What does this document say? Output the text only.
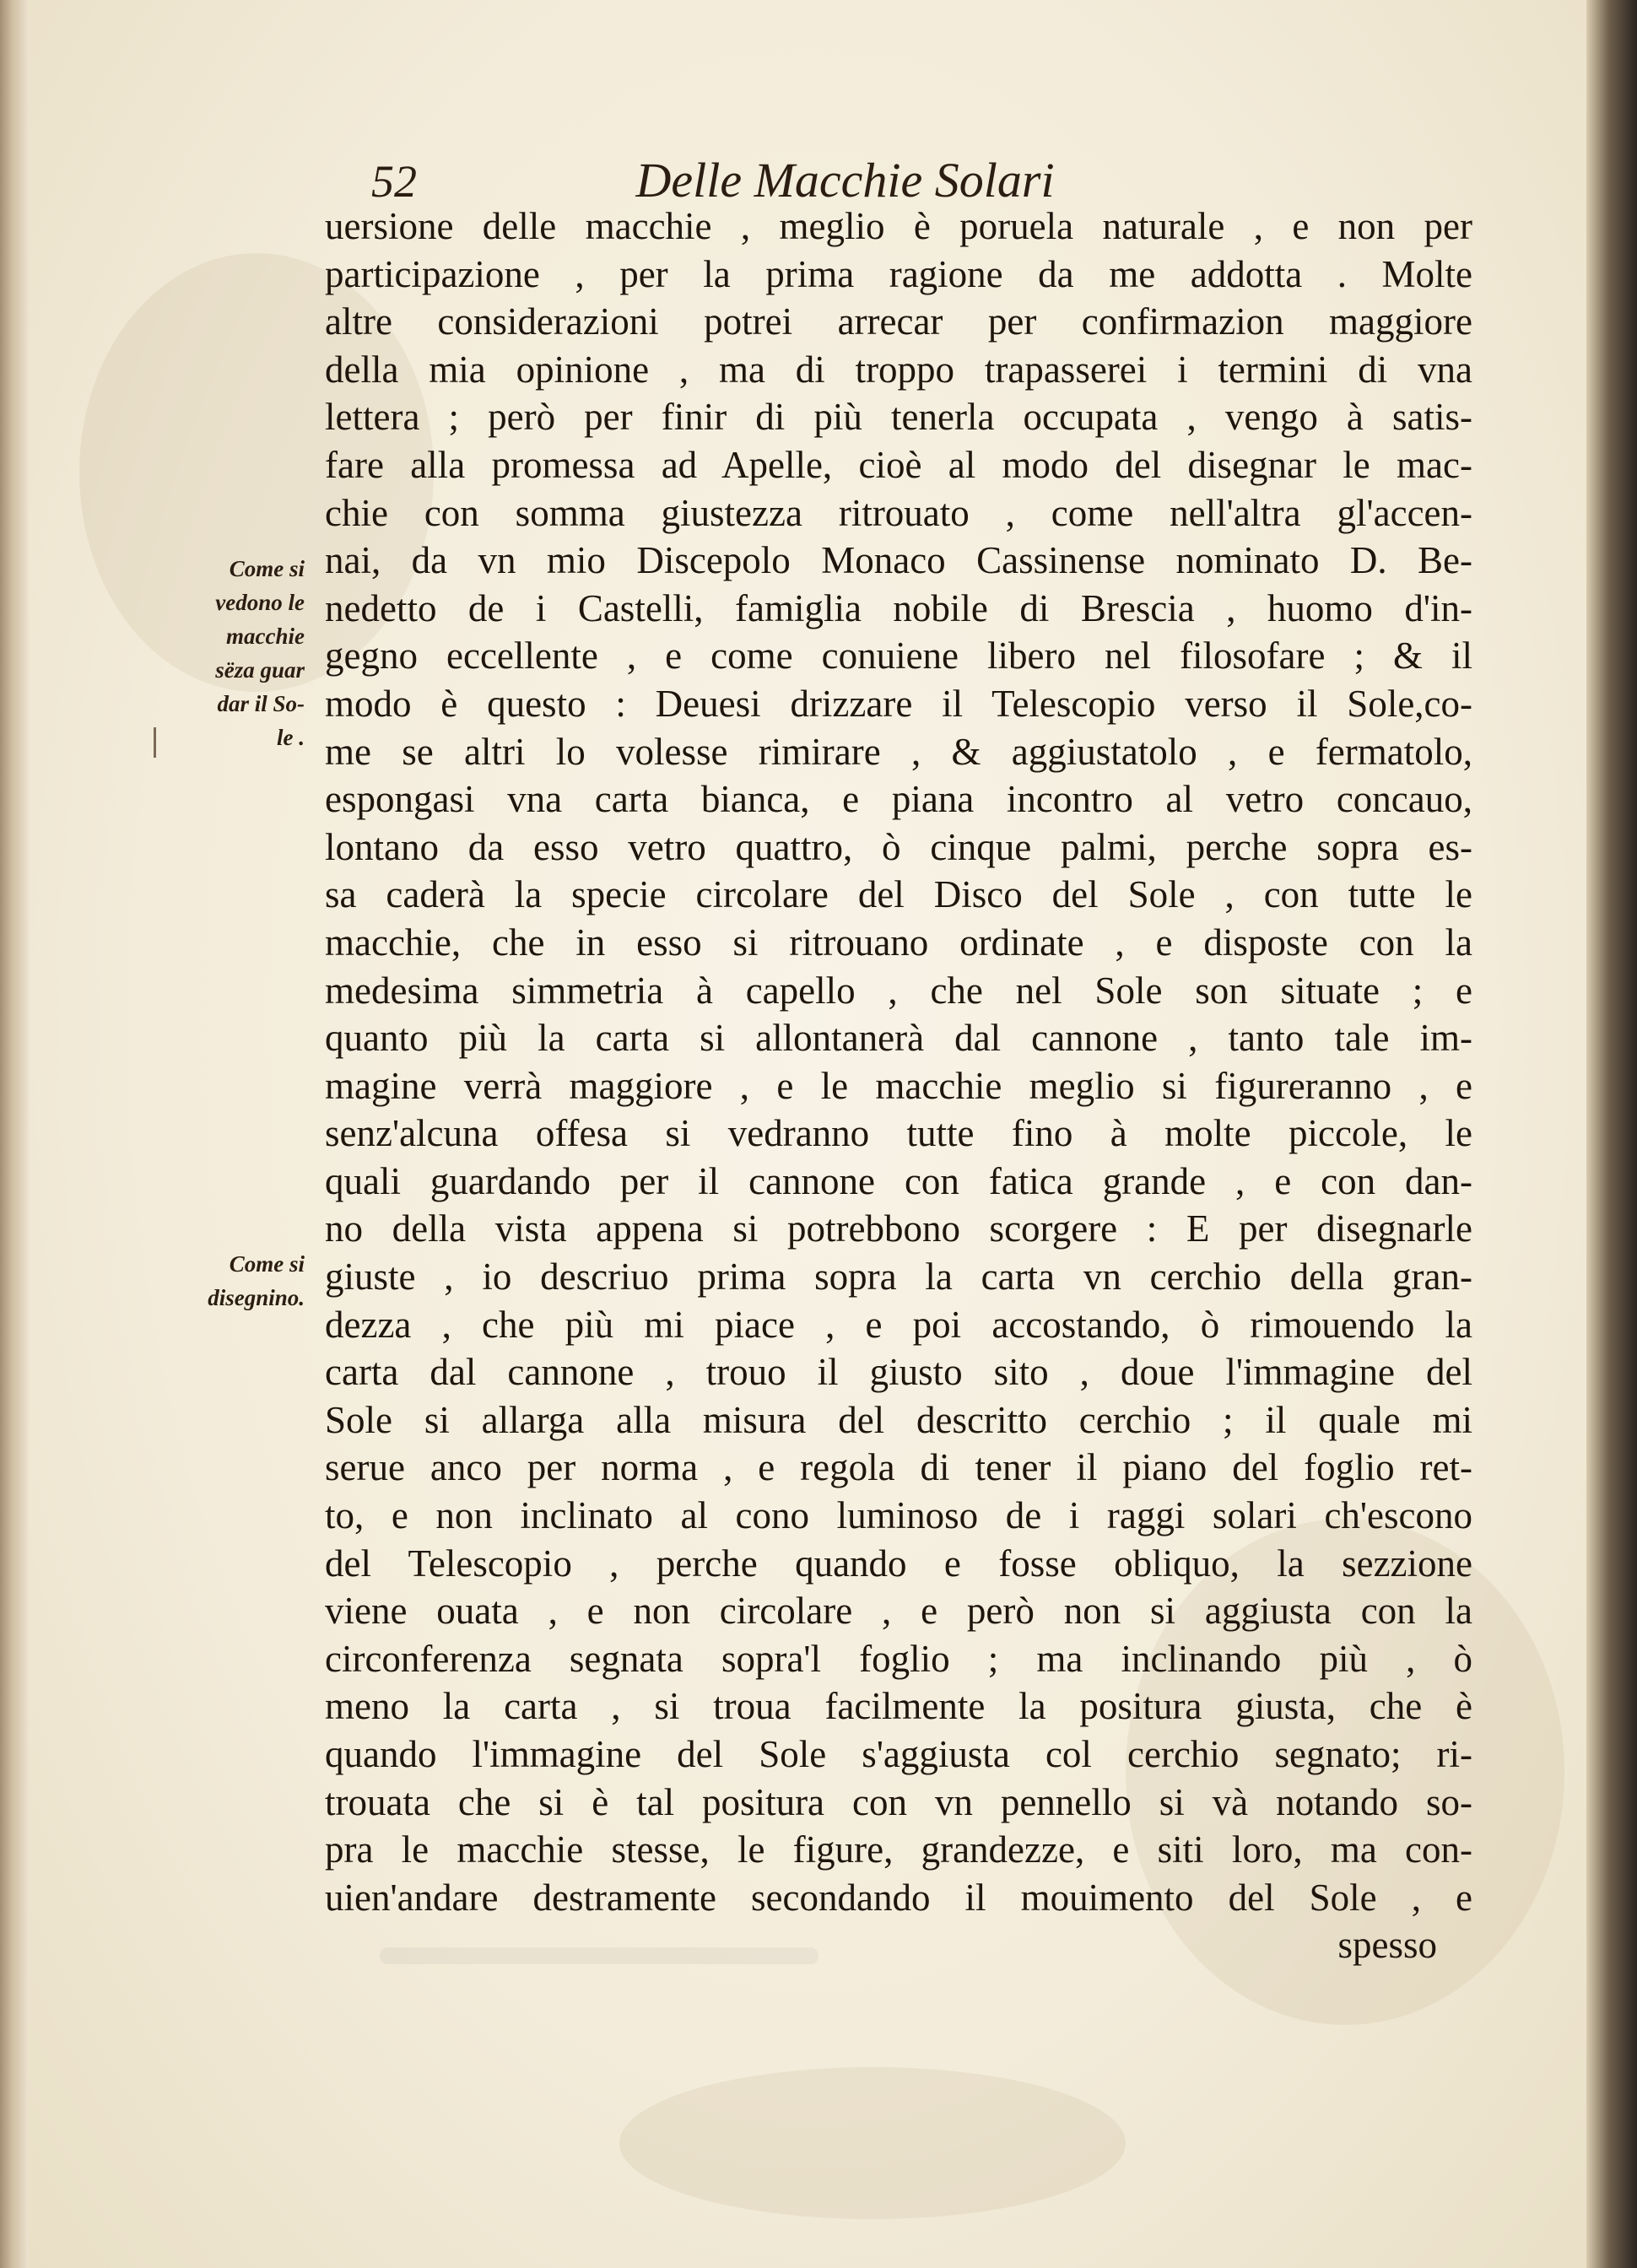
52	Delle Macchie Solari
Come si
vedono le
macchie
sëza guar
dar il So-
le .
Come si
disegnino.
uersione delle macchie , meglio è poruela naturale , e non per
participazione , per la prima ragione da me addotta . Molte
altre considerazioni potrei arrecar per confirmazion maggiore
della mia opinione , ma di troppo trapasserei i termini di vna
lettera ; però per finir di più tenerla occupata , vengo à satis-
fare alla promessa ad Apelle, cioè al modo del disegnar le mac-
chie con somma giustezza ritrouato , come nell'altra gl'accen-
nai, da vn mio Discepolo Monaco Cassinense nominato D. Be-
nedetto de i Castelli, famiglia nobile di Brescia , huomo d'in-
gegno eccellente , e come conuiene libero nel filosofare ; & il
modo è questo : Deuesi drizzare il Telescopio verso il Sole,co-
me se altri lo volesse rimirare , & aggiustatolo , e fermatolo,
espongasi vna carta bianca, e piana incontro al vetro concauo,
lontano da esso vetro quattro, ò cinque palmi, perche sopra es-
sa caderà la specie circolare del Disco del Sole , con tutte le
macchie, che in esso si ritrouano ordinate , e disposte con la
medesima simmetria à capello , che nel Sole son situate ; e
quanto più la carta si allontanerà dal cannone , tanto tale im-
magine verrà maggiore , e le macchie meglio si figureranno , e
senz'alcuna offesa si vedranno tutte fino à molte piccole, le
quali guardando per il cannone con fatica grande , e con dan-
no della vista appena si potrebbono scorgere : E per disegnarle
giuste , io descriuo prima sopra la carta vn cerchio della gran-
dezza , che più mi piace , e poi accostando, ò rimouendo la
carta dal cannone , trouo il giusto sito , doue l'immagine del
Sole si allarga alla misura del descritto cerchio ; il quale mi
serue anco per norma , e regola di tener il piano del foglio ret-
to, e non inclinato al cono luminoso de i raggi solari ch'escono
del Telescopio , perche quando e fosse obliquo, la sezzione
viene ouata , e non circolare , e però non si aggiusta con la
circonferenza segnata sopra'l foglio ; ma inclinando più , ò
meno la carta , si troua facilmente la positura giusta, che è
quando l'immagine del Sole s'aggiusta col cerchio segnato; ri-
trouata che si è tal positura con vn pennello si và notando so-
pra le macchie stesse, le figure, grandezze, e siti loro, ma con-
uien'andare destramente secondando il mouimento del Sole , e
spesso
